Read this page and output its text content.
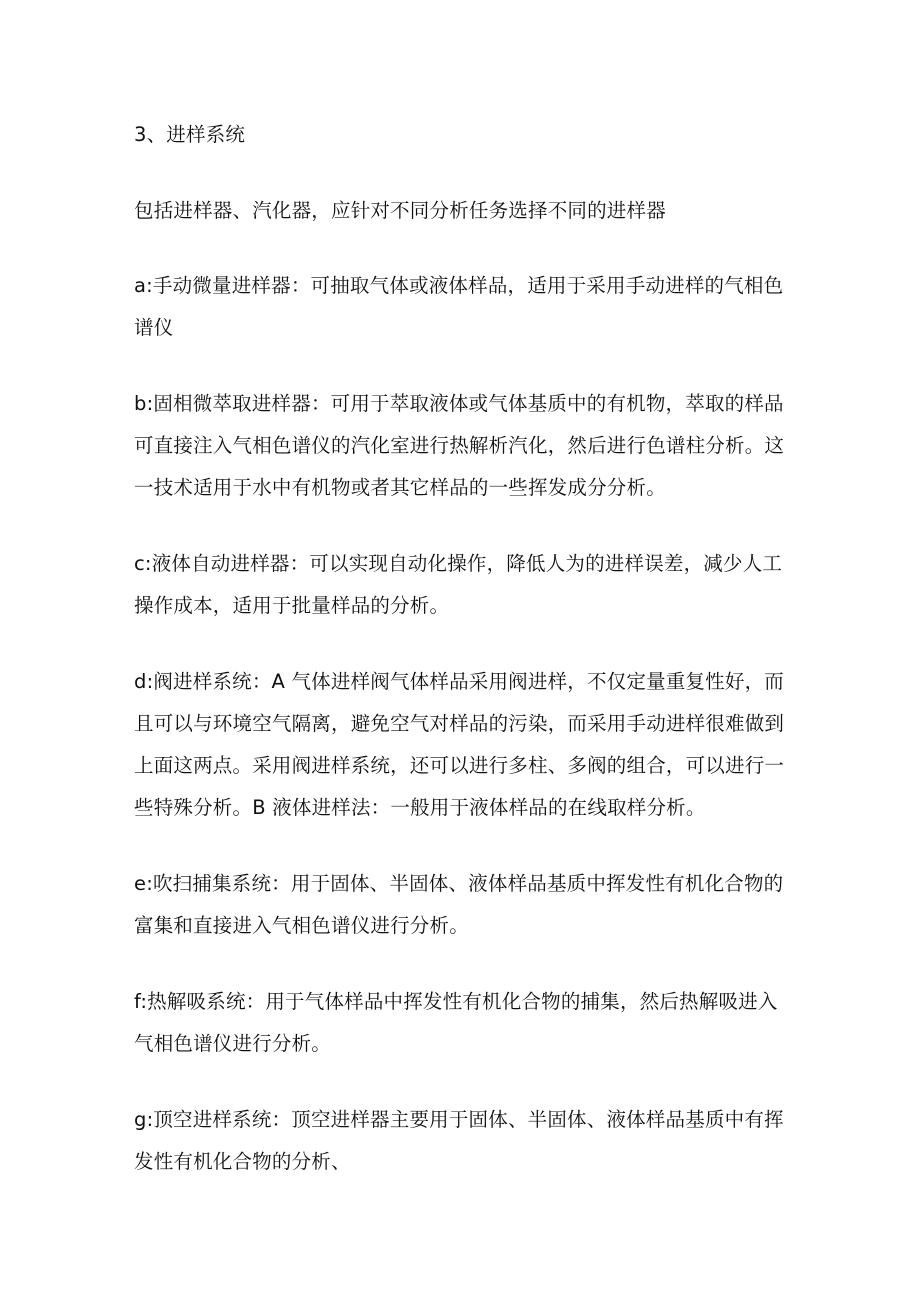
3、进样系统

包括进样器、汽化器，应针对不同分析任务选择不同的进样器

a:手动微量进样器：可抽取气体或液体样品，适用于采用手动进样的气相色谱仪

b:固相微萃取进样器：可用于萃取液体或气体基质中的有机物，萃取的样品可直接注入气相色谱仪的汽化室进行热解析汽化，然后进行色谱柱分析。这一技术适用于水中有机物或者其它样品的一些挥发成分分析。

c:液体自动进样器：可以实现自动化操作，降低人为的进样误差，减少人工操作成本，适用于批量样品的分析。

d:阀进样系统：A 气体进样阀气体样品采用阀进样，不仅定量重复性好，而且可以与环境空气隔离，避免空气对样品的污染，而采用手动进样很难做到上面这两点。采用阀进样系统，还可以进行多柱、多阀的组合，可以进行一些特殊分析。B 液体进样法：一般用于液体样品的在线取样分析。

e:吹扫捕集系统：用于固体、半固体、液体样品基质中挥发性有机化合物的富集和直接进入气相色谱仪进行分析。

f:热解吸系统：用于气体样品中挥发性有机化合物的捕集，然后热解吸进入气相色谱仪进行分析。

g:顶空进样系统：顶空进样器主要用于固体、半固体、液体样品基质中有挥发性有机化合物的分析、
